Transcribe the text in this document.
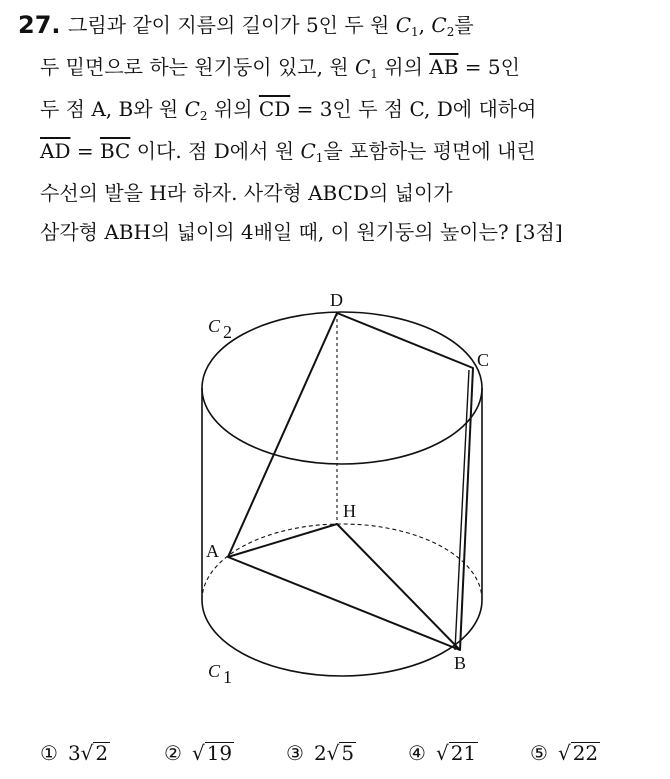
27. 그림과 같이 지름의 길이가 5인 두 원 $C_1$, $C_2$를
두 밑면으로 하는 원기둥이 있고, 원 $C_1$ 위의 $\overline{AB} = 5$인
두 점 A, B와 원 $C_2$ 위의 $\overline{CD} = 3$인 두 점 C, D에 대하여
$\overline{AD} = \overline{BC}$ 이다. 점 D에서 원 $C_1$을 포함하는 평면에 내린
수선의 발을 H라 하자. 사각형 ABCD의 넓이가
삼각형 ABH의 넓이의 4배일 때, 이 원기둥의 높이는? [3점]
C 2
C 1
D
C
H
A
B
① 3√ 2	② √ 19	③ 2√ 5	④ √ 21	⑤ √ 22
